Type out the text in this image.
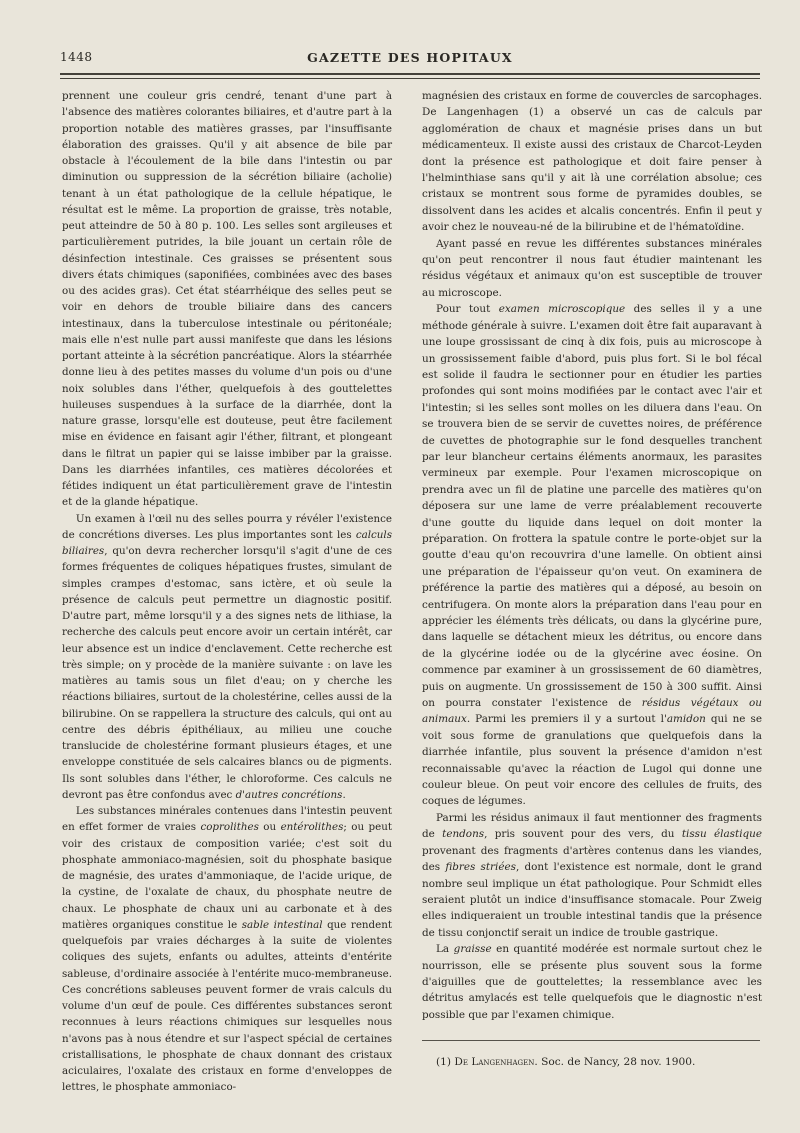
1448	GAZETTE DES HOPITAUX

prennent une couleur gris cendré, tenant d'une part à l'absence des matières colorantes biliaires, et d'autre part à la proportion notable des matières grasses, par l'insuffisante élaboration des graisses. Qu'il y ait absence de bile par obstacle à l'écoulement de la bile dans l'intestin ou par diminution ou suppression de la sécrétion biliaire (acholie) tenant à un état pathologique de la cellule hépatique, le résultat est le même. La proportion de graisse, très notable, peut atteindre de 50 à 80 p. 100. Les selles sont argileuses et particulièrement putrides, la bile jouant un certain rôle de désinfection intestinale. Ces graisses se présentent sous divers états chimiques (saponifiées, combinées avec des bases ou des acides gras). Cet état stéarrhéique des selles peut se voir en dehors de trouble biliaire dans des cancers intestinaux, dans la tuberculose intestinale ou péritonéale; mais elle n'est nulle part aussi manifeste que dans les lésions portant atteinte à la sécrétion pancréatique. Alors la stéarrhée donne lieu à des petites masses du volume d'un pois ou d'une noix solubles dans l'éther, quelquefois à des gouttelettes huileuses suspendues à la surface de la diarrhée, dont la nature grasse, lorsqu'elle est douteuse, peut être facilement mise en évidence en faisant agir l'éther, filtrant, et plongeant dans le filtrat un papier qui se laisse imbiber par la graisse. Dans les diarrhées infantiles, ces matières décolorées et fétides indiquent un état particulièrement grave de l'intestin et de la glande hépatique.

Un examen à l'œil nu des selles pourra y révéler l'existence de concrétions diverses. Les plus importantes sont les calculs biliaires, qu'on devra rechercher lorsqu'il s'agit d'une de ces formes fréquentes de coliques hépatiques frustes, simulant de simples crampes d'estomac, sans ictère, et où seule la présence de calculs peut permettre un diagnostic positif. D'autre part, même lorsqu'il y a des signes nets de lithiase, la recherche des calculs peut encore avoir un certain intérêt, car leur absence est un indice d'enclavement. Cette recherche est très simple; on y procède de la manière suivante : on lave les matières au tamis sous un filet d'eau; on y cherche les réactions biliaires, surtout de la cholestérine, celles aussi de la bilirubine. On se rappellera la structure des calculs, qui ont au centre des débris épithéliaux, au milieu une couche translucide de cholestérine formant plusieurs étages, et une enveloppe constituée de sels calcaires blancs ou de pigments. Ils sont solubles dans l'éther, le chloroforme. Ces calculs ne devront pas être confondus avec d'autres concrétions.

Les substances minérales contenues dans l'intestin peuvent en effet former de vraies coprolithes ou entérolithes; ou peut voir des cristaux de composition variée; c'est soit du phosphate ammoniaco-magnésien, soit du phosphate basique de magnésie, des urates d'ammoniaque, de l'acide urique, de la cystine, de l'oxalate de chaux, du phosphate neutre de chaux. Le phosphate de chaux uni au carbonate et à des matières organiques constitue le sable intestinal que rendent quelquefois par vraies décharges à la suite de violentes coliques des sujets, enfants ou adultes, atteints d'entérite sableuse, d'ordinaire associée à l'entérite muco-membraneuse. Ces concrétions sableuses peuvent former de vrais calculs du volume d'un œuf de poule. Ces différentes substances seront reconnues à leurs réactions chimiques sur lesquelles nous n'avons pas à nous étendre et sur l'aspect spécial de certaines cristallisations, le phosphate de chaux donnant des cristaux aciculaires, l'oxalate des cristaux en forme d'enveloppes de lettres, le phosphate ammoniaco-

magnésien des cristaux en forme de couvercles de sarcophages. De Langenhagen (1) a observé un cas de calculs par agglomération de chaux et magnésie prises dans un but médicamenteux. Il existe aussi des cristaux de Charcot-Leyden dont la présence est pathologique et doit faire penser à l'helminthiase sans qu'il y ait là une corrélation absolue; ces cristaux se montrent sous forme de pyramides doubles, se dissolvent dans les acides et alcalis concentrés. Enfin il peut y avoir chez le nouveau-né de la bilirubine et de l'hématoïdine.

Ayant passé en revue les différentes substances minérales qu'on peut rencontrer il nous faut étudier maintenant les résidus végétaux et animaux qu'on est susceptible de trouver au microscope.

Pour tout examen microscopique des selles il y a une méthode générale à suivre. L'examen doit être fait auparavant à une loupe grossissant de cinq à dix fois, puis au microscope à un grossissement faible d'abord, puis plus fort. Si le bol fécal est solide il faudra le sectionner pour en étudier les parties profondes qui sont moins modifiées par le contact avec l'air et l'intestin; si les selles sont molles on les diluera dans l'eau. On se trouvera bien de se servir de cuvettes noires, de préférence de cuvettes de photographie sur le fond desquelles tranchent par leur blancheur certains éléments anormaux, les parasites vermineux par exemple. Pour l'examen microscopique on prendra avec un fil de platine une parcelle des matières qu'on déposera sur une lame de verre préalablement recouverte d'une goutte du liquide dans lequel on doit monter la préparation. On frottera la spatule contre le porte-objet sur la goutte d'eau qu'on recouvrira d'une lamelle. On obtient ainsi une préparation de l'épaisseur qu'on veut. On examinera de préférence la partie des matières qui a déposé, au besoin on centrifugera. On monte alors la préparation dans l'eau pour en apprécier les éléments très délicats, ou dans la glycérine pure, dans laquelle se détachent mieux les détritus, ou encore dans de la glycérine iodée ou de la glycérine avec éosine. On commence par examiner à un grossissement de 60 diamètres, puis on augmente. Un grossissement de 150 à 300 suffit. Ainsi on pourra constater l'existence de résidus végétaux ou animaux. Parmi les premiers il y a surtout l'amidon qui ne se voit sous forme de granulations que quelquefois dans la diarrhée infantile, plus souvent la présence d'amidon n'est reconnaissable qu'avec la réaction de Lugol qui donne une couleur bleue. On peut voir encore des cellules de fruits, des coques de légumes.

Parmi les résidus animaux il faut mentionner des fragments de tendons, pris souvent pour des vers, du tissu élastique provenant des fragments d'artères contenus dans les viandes, des fibres striées, dont l'existence est normale, dont le grand nombre seul implique un état pathologique. Pour Schmidt elles seraient plutôt un indice d'insuffisance stomacale. Pour Zweig elles indiqueraient un trouble intestinal tandis que la présence de tissu conjonctif serait un indice de trouble gastrique.

La graisse en quantité modérée est normale surtout chez le nourrisson, elle se présente plus souvent sous la forme d'aiguilles que de gouttelettes; la ressemblance avec les détritus amylacés est telle quelquefois que le diagnostic n'est possible que par l'examen chimique.

(1) De Langenhagen. Soc. de Nancy, 28 nov. 1900.
